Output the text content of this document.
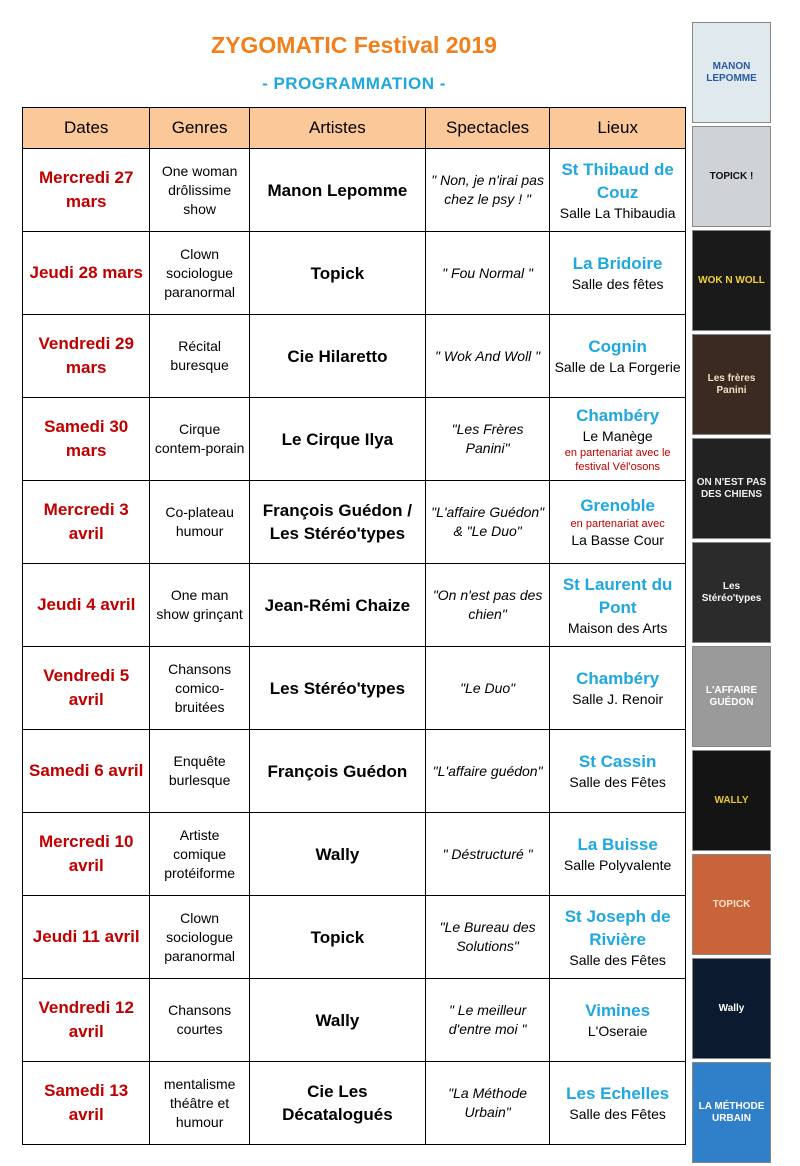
ZYGOMATIC Festival 2019
- PROGRAMMATION -
Dates	Genres	Artistes	Spectacles	Lieux
Mercredi 27 mars	One woman drôlissime show	Manon Lepomme	" Non, je n'irai pas chez le psy ! "	St Thibaud de Couz
Salle La Thibaudia

Jeudi 28 mars	Clown sociologue paranormal	Topick	" Fou Normal "	La Bridoire
Salle des fêtes

Vendredi 29 mars	Récital buresque	Cie Hilaretto	" Wok And Woll "	Cognin
Salle de La Forgerie

Samedi 30 mars	Cirque contem-porain	Le Cirque Ilya	"Les Frères Panini"	Chambéry
Le Manège
en partenariat avec le festival Vél'osons

Mercredi 3 avril	Co-plateau humour	François Guédon / Les Stéréo'types	"L'affaire Guédon" & "Le Duo"	Grenoble
en partenariat avec
La Basse Cour

Jeudi 4 avril	One man show grinçant	Jean-Rémi Chaize	"On n'est pas des chien"	St Laurent du Pont
Maison des Arts

Vendredi 5 avril	Chansons comico-bruitées	Les Stéréo'types	"Le Duo"	Chambéry
Salle J. Renoir

Samedi 6 avril	Enquête burlesque	François Guédon	"L'affaire guédon"	St Cassin
Salle des Fêtes

Mercredi 10 avril	Artiste comique protéiforme	Wally	" Déstructuré "	La Buisse
Salle Polyvalente

Jeudi 11 avril	Clown sociologue paranormal	Topick	"Le Bureau des Solutions"	St Joseph de Rivière
Salle des Fêtes

Vendredi 12 avril	Chansons courtes	Wally	" Le meilleur d'entre moi "	Vimines
L'Oseraie

Samedi 13 avril	mentalisme théâtre et humour	Cie Les Décatalogués	"La Méthode Urbain"	Les Echelles
Salle des Fêtes
MANON LEPOMME
TOPICK !
WOK N WOLL
Les frères Panini
ON N'EST PAS DES CHIENS
Les Stéréo'types
L'AFFAIRE GUÉDON
WALLY
TOPICK
Wally
LA MÉTHODE URBAIN
